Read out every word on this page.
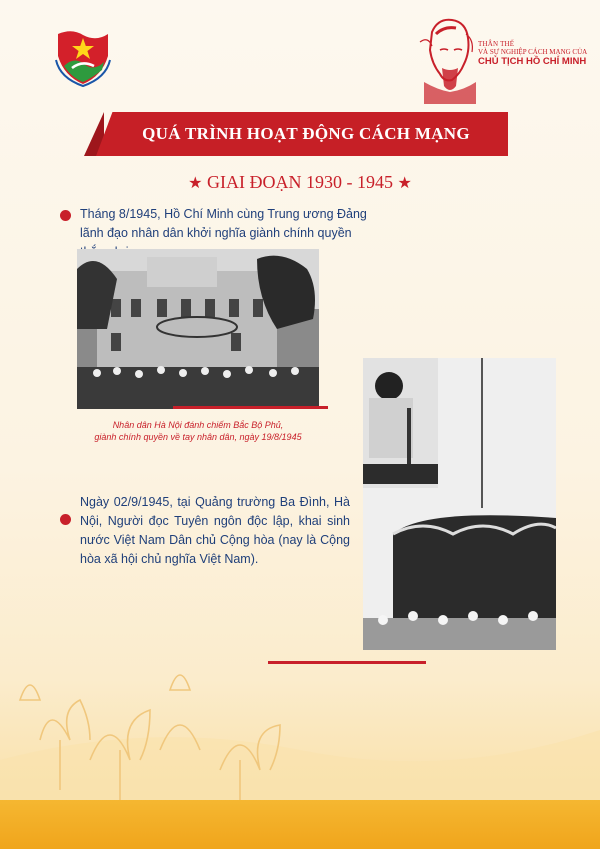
THÂN THẾ
VÀ SỰ NGHIỆP CÁCH MẠNG CỦA
CHỦ TỊCH HỒ CHÍ MINH
QUÁ TRÌNH HOẠT ĐỘNG CÁCH MẠNG
★ GIAI ĐOẠN 1930 - 1945 ★
Tháng 8/1945, Hồ Chí Minh cùng Trung ương Đảng lãnh đạo nhân dân khởi nghĩa giành chính quyền
Nhân dân Hà Nội đánh chiếm Bắc Bộ Phủ,
giành chính quyền về tay nhân dân, ngày 19/8/1945
Ngày 02/9/1945, tại Quảng trường Ba Đình, Hà Nội, Người đọc Tuyên ngôn độc lập, khai sinh nước Việt Nam Dân chủ Cộng hòa (nay là Cộng hòa xã hội chủ nghĩa Việt Nam).
